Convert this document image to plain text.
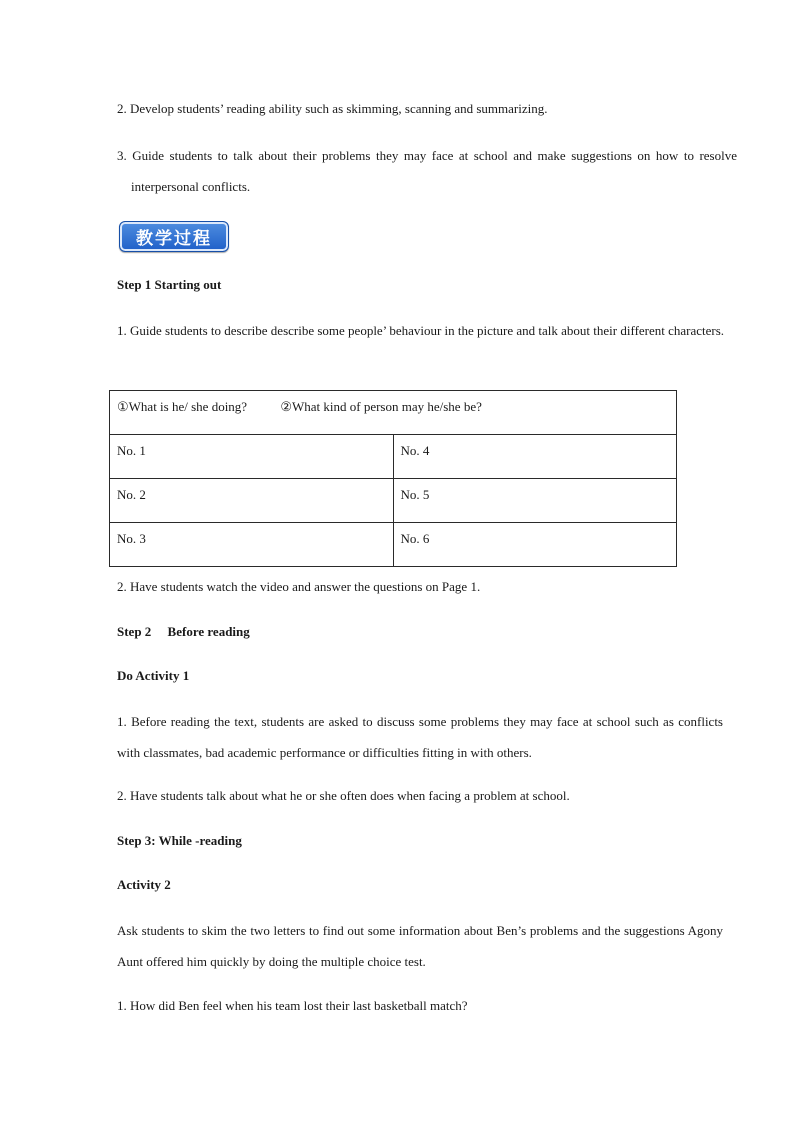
2. Develop students’ reading ability such as skimming, scanning and summarizing.
3. Guide students to talk about their problems they may face at school and make suggestions on how to resolve interpersonal conflicts.
教学过程
Step 1 Starting out
1. Guide students to describe describe some people’ behaviour in the picture and talk about their different characters.
①What is he/ she doing? ②What kind of person may he/she be?	
No. 1	No. 4
No. 2	No. 5
No. 3	No. 6
2. Have students watch the video and answer the questions on Page 1.
Step 2     Before reading
Do Activity 1
1. Before reading the text, students are asked to discuss some problems they may face at school such as conflicts with classmates, bad academic performance or difficulties fitting in with others.
2. Have students talk about what he or she often does when facing a problem at school.
Step 3: While -reading
Activity 2
Ask students to skim the two letters to find out some information about Ben’s problems and the suggestions Agony Aunt offered him quickly by doing the multiple choice test.
1. How did Ben feel when his team lost their last basketball match?
